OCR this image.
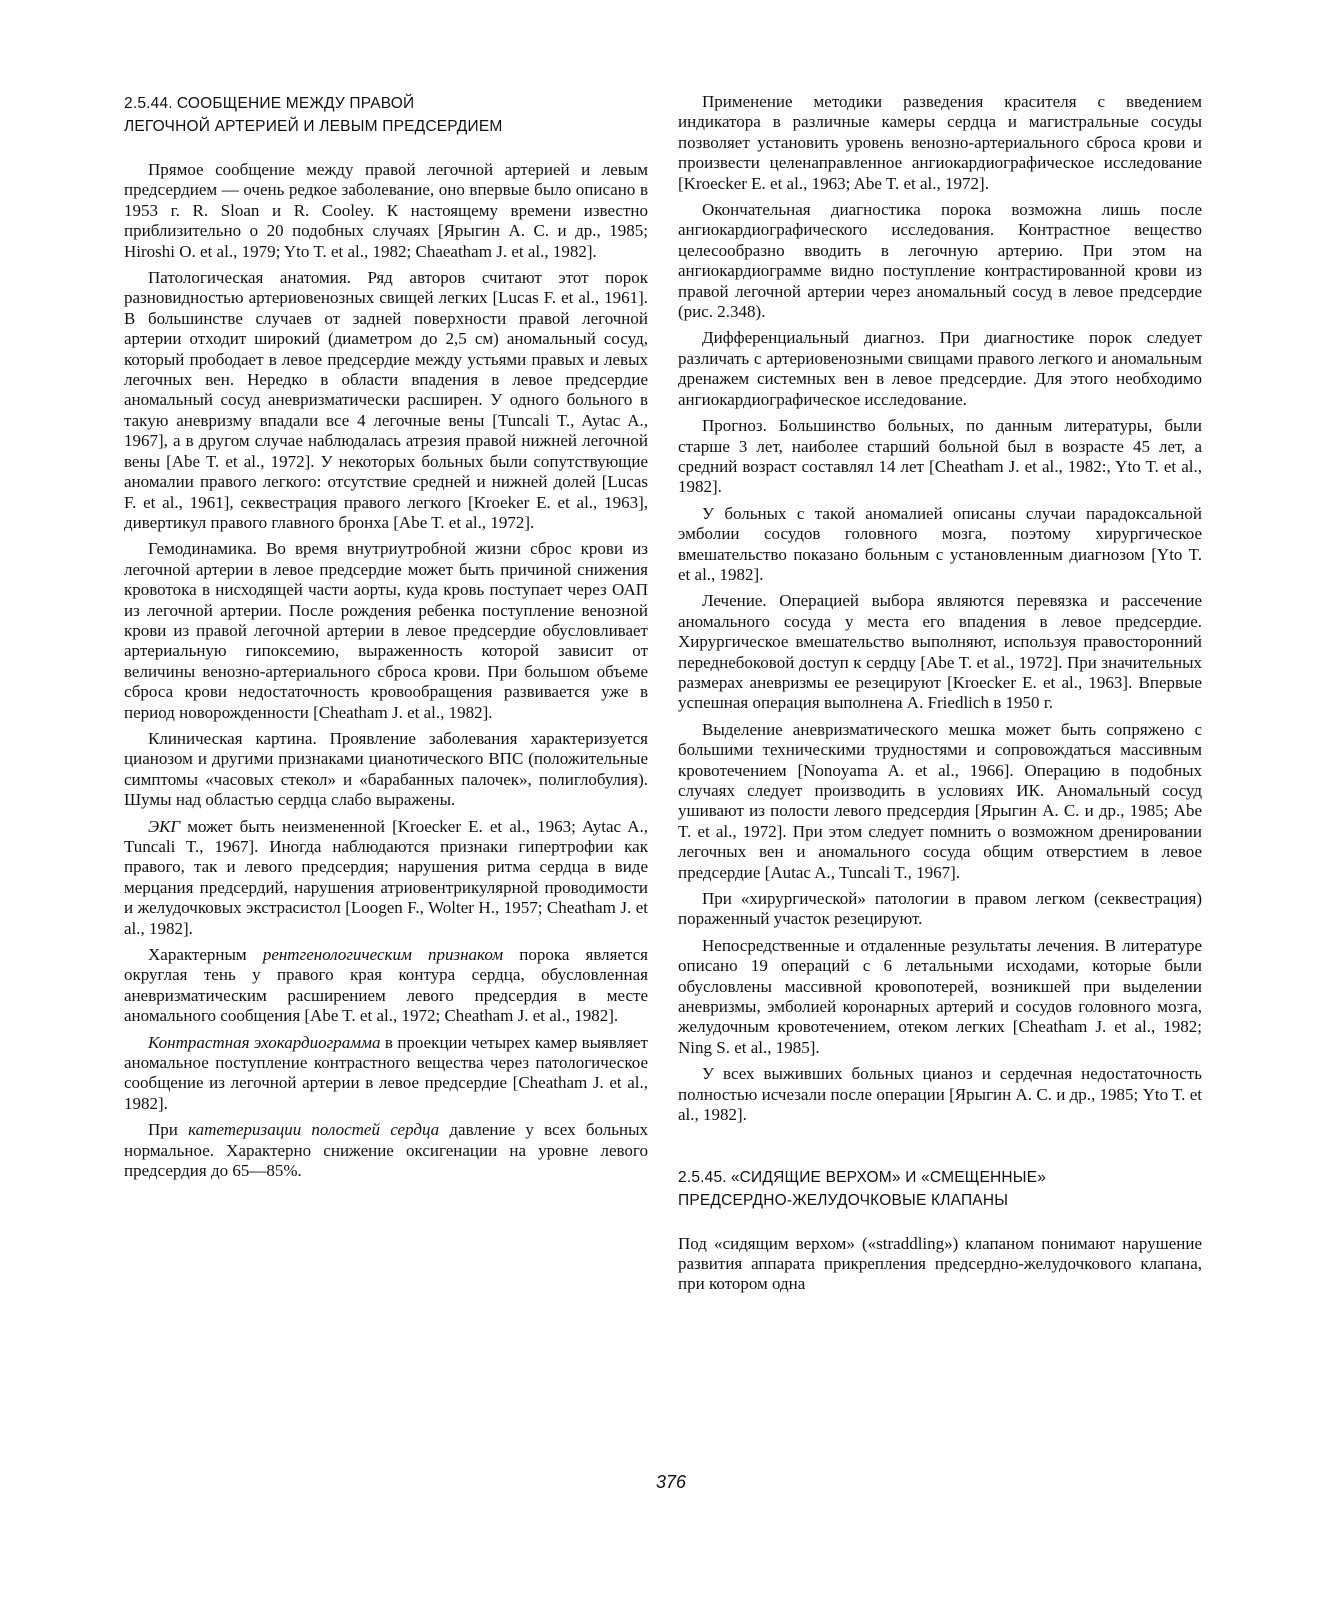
2.5.44. СООБЩЕНИЕ МЕЖДУ ПРАВОЙ
ЛЕГОЧНОЙ АРТЕРИЕЙ И ЛЕВЫМ ПРЕДСЕРДИЕМ

Прямое сообщение между правой легочной артерией и левым предсердием — очень редкое заболевание, оно впервые было описано в 1953 г. R. Sloan и R. Cooley. К настоящему времени известно приблизительно о 20 подобных случаях [Ярыгин А. С. и др., 1985; Hiroshi O. et al., 1979; Yto T. et al., 1982; Chaeatham J. et al., 1982].

Патологическая анатомия. Ряд авторов считают этот порок разновидностью артериовенозных свищей легких [Lucas F. et al., 1961]. В большинстве случаев от задней поверхности правой легочной артерии отходит широкий (диаметром до 2,5 см) аномальный сосуд, который прободает в левое предсердие между устьями правых и левых легочных вен. Нередко в области впадения в левое предсердие аномальный сосуд аневризматически расширен. У одного больного в такую аневризму впадали все 4 легочные вены [Tuncali T., Aytac A., 1967], а в другом случае наблюдалась атрезия правой нижней легочной вены [Abe T. et al., 1972]. У некоторых больных были сопутствующие аномалии правого легкого: отсутствие средней и нижней долей [Lucas F. et al., 1961], секвестрация правого легкого [Kroeker E. et al., 1963], дивертикул правого главного бронха [Abe T. et al., 1972].

Гемодинамика. Во время внутриутробной жизни сброс крови из легочной артерии в левое предсердие может быть причиной снижения кровотока в нисходящей части аорты, куда кровь поступает через ОАП из легочной артерии. После рождения ребенка поступление венозной крови из правой легочной артерии в левое предсердие обусловливает артериальную гипоксемию, выраженность которой зависит от величины венозно-артериального сброса крови. При большом объеме сброса крови недостаточность кровообращения развивается уже в период новорожденности [Cheatham J. et al., 1982].

Клиническая картина. Проявление заболевания характеризуется цианозом и другими признаками цианотического ВПС (положительные симптомы «часовых стекол» и «барабанных палочек», полиглобулия). Шумы над областью сердца слабо выражены.

ЭКГ может быть неизмененной [Kroecker E. et al., 1963; Aytac A., Tuncali T., 1967]. Иногда наблюдаются признаки гипертрофии как правого, так и левого предсердия; нарушения ритма сердца в виде мерцания предсердий, нарушения атриовентрикулярной проводимости и желудочковых экстрасистол [Loogen F., Wolter H., 1957; Cheatham J. et al., 1982].

Характерным рентгенологическим признаком порока является округлая тень у правого края контура сердца, обусловленная аневризматическим расширением левого предсердия в месте аномального сообщения [Abe T. et al., 1972; Cheatham J. et al., 1982].

Контрастная эхокардиограмма в проекции четырех камер выявляет аномальное поступление контрастного вещества через патологическое сообщение из легочной артерии в левое предсердие [Cheatham J. et al., 1982].

При катетеризации полостей сердца давление у всех больных нормальное. Характерно снижение оксигенации на уровне левого предсердия до 65—85%.

Применение методики разведения красителя с введением индикатора в различные камеры сердца и магистральные сосуды позволяет установить уровень венозно-артериального сброса крови и произвести целенаправленное ангиокардиографическое исследование [Kroecker E. et al., 1963; Abe T. et al., 1972].

Окончательная диагностика порока возможна лишь после ангиокардиографического исследования. Контрастное вещество целесообразно вводить в легочную артерию. При этом на ангиокардиограмме видно поступление контрастированной крови из правой легочной артерии через аномальный сосуд в левое предсердие (рис. 2.348).

Дифференциальный диагноз. При диагностике порок следует различать с артериовенозными свищами правого легкого и аномальным дренажем системных вен в левое предсердие. Для этого необходимо ангиокардиографическое исследование.

Прогноз. Большинство больных, по данным литературы, были старше 3 лет, наиболее старший больной был в возрасте 45 лет, а средний возраст составлял 14 лет [Cheatham J. et al., 1982:, Yto T. et al., 1982].

У больных с такой аномалией описаны случаи парадоксальной эмболии сосудов головного мозга, поэтому хирургическое вмешательство показано больным с установленным диагнозом [Yto T. et al., 1982].

Лечение. Операцией выбора являются перевязка и рассечение аномального сосуда у места его впадения в левое предсердие. Хирургическое вмешательство выполняют, используя правосторонний переднебоковой доступ к сердцу [Abe T. et al., 1972]. При значительных размерах аневризмы ее резецируют [Kroecker E. et al., 1963]. Впервые успешная операция выполнена A. Friedlich в 1950 г.

Выделение аневризматического мешка может быть сопряжено с большими техническими трудностями и сопровождаться массивным кровотечением [Nonoyama A. et al., 1966]. Операцию в подобных случаях следует производить в условиях ИК. Аномальный сосуд ушивают из полости левого предсердия [Ярыгин А. С. и др., 1985; Abe T. et al., 1972]. При этом следует помнить о возможном дренировании легочных вен и аномального сосуда общим отверстием в левое предсердие [Autac A., Tuncali T., 1967].

При «хирургической» патологии в правом легком (секвестрация) пораженный участок резецируют.

Непосредственные и отдаленные результаты лечения. В литературе описано 19 операций с 6 летальными исходами, которые были обусловлены массивной кровопотерей, возникшей при выделении аневризмы, эмболией коронарных артерий и сосудов головного мозга, желудочным кровотечением, отеком легких [Cheatham J. et al., 1982; Ning S. et al., 1985].

У всех выживших больных цианоз и сердечная недостаточность полностью исчезали после операции [Ярыгин А. С. и др., 1985; Yto T. et al., 1982].

2.5.45. «СИДЯЩИЕ ВЕРХОМ» И «СМЕЩЕННЫЕ»
ПРЕДСЕРДНО-ЖЕЛУДОЧКОВЫЕ КЛАПАНЫ

Под «сидящим верхом» («straddling») клапаном понимают нарушение развития аппарата прикрепления предсердно-желудочкового клапана, при котором одна

376
